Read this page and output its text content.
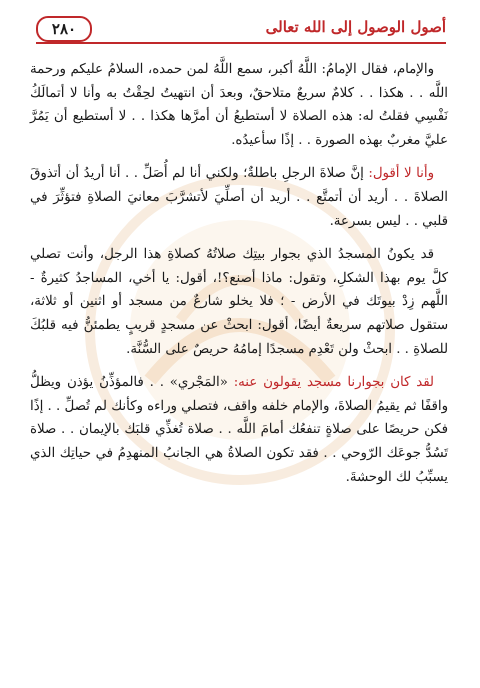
أصول الوصول إلى الله تعالى
٢٨٠

والإمام، فقال الإمامُ: اللَّهُ أكبر، سمع اللَّهُ لمن حمده، السلامُ عليكم ورحمة اللَّه . . هكذا . . كلامٌ سريعٌ متلاحقٌ، وبعدَ أن انتهيتُ لحِقْتُ به وأنا لا أتمالَكُ نَفْسِي فقلتُ له: هذه الصلاة لا أستطيعُ أن أمرَّها هكذا . . لا أستطيع أن يَمُرَّ عليَّ مغربٌ بهذه الصورة . . إذًا سأعيدُه.

وأنا لا أقول: إنَّ صلاةَ الرجلِ باطلةٌ؛ ولكني أنا لم أُصَلِّ . . أنا أريدُ أن أتذوقَ الصلاةَ . . أريد أن أتمتَّع . . أريد أن أصلِّيَ لأتشرَّبَ معانيَ الصلاةِ فتؤثِّرَ في قلبي . . ليس بسرعة.

قد يكونُ المسجدُ الذي بجوار بيتِك صلاتُهُ كصلاةِ هذا الرجل، وأنت تصلي كلَّ يوم بهذا الشكلِ، وتقول: ماذا أصنع؟!، أقول: يا أخي، المساجدُ كثيرةٌ - اللَّهم زِدْ بيوتَك في الأرض - ؛ فلا يخلو شارعٌ من مسجد أو اثنين أو ثلاثة، ستقول صلاتهم سريعةٌ أيضًا، أقول: ابحثْ عن مسجدٍ قريبٍ يطمئنُّ فيه قلبُكَ للصلاةِ . . ابحثْ ولن تَعْدِم مسجدًا إمامُهُ حريصٌ على السُّنَّة.

لقد كان بجوارنا مسجد يقولون عنه: «المَجْري» . . فالمؤذِّنُ يؤذن ويظلُّ واقفًا ثم يقيمُ الصلاةَ، والإمام خلفه واقف، فتصلي وراءه وكأنك لم تُصلِّ . . إذًا فكن حريصًا على صلاةٍ تنفعُك أمامَ اللَّه . . صلاة تُغذِّي قلبَك بالإيمان . . صلاة تَسُدُّ جوعَك الرّوحي . . فقد تكون الصلاةُ هي الجانبُ المنهدِمُ في حياتِك الذي يسبِّبُ لك الوحشةَ.
